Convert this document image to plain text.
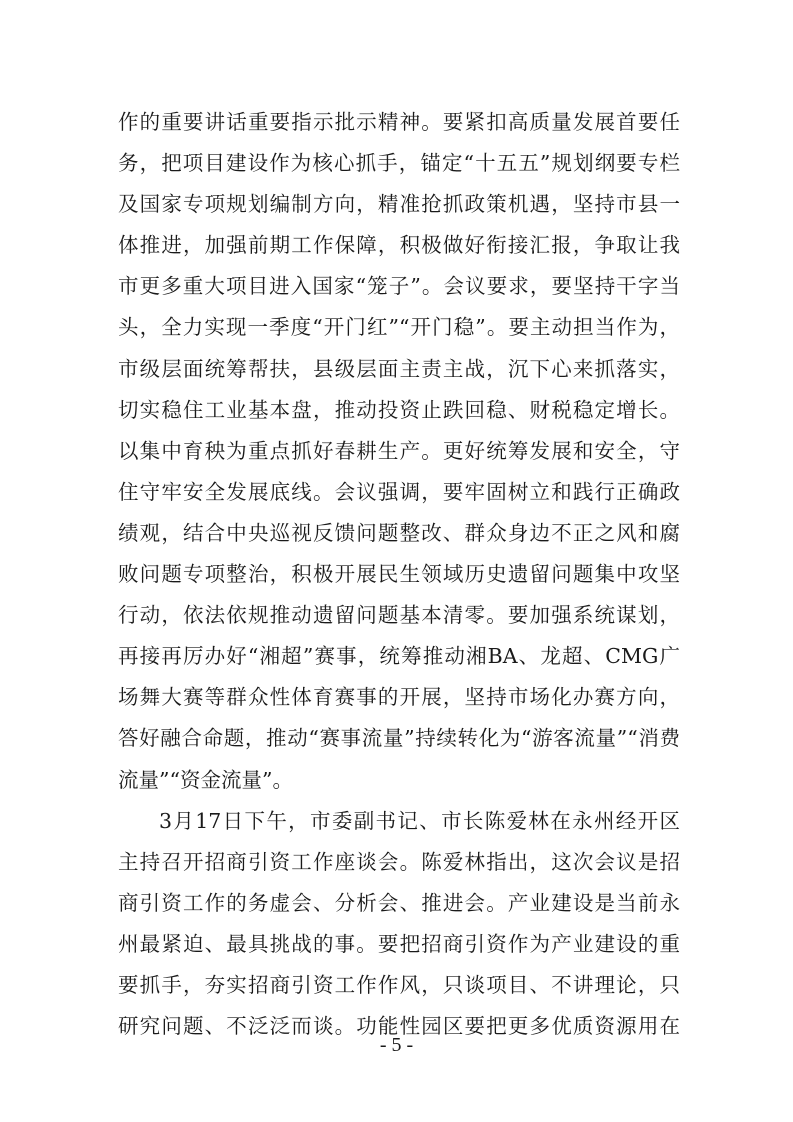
作的重要讲话重要指示批示精神。要紧扣高质量发展首要任
务，把项目建设作为核心抓手，锚定“十五五”规划纲要专栏
及国家专项规划编制方向，精准抢抓政策机遇，坚持市县一
体推进，加强前期工作保障，积极做好衔接汇报，争取让我
市更多重大项目进入国家“笼子”。会议要求，要坚持干字当
头，全力实现一季度“开门红”“开门稳”。要主动担当作为，
市级层面统筹帮扶，县级层面主责主战，沉下心来抓落实，
切实稳住工业基本盘，推动投资止跌回稳、财税稳定增长。
以集中育秧为重点抓好春耕生产。更好统筹发展和安全，守
住守牢安全发展底线。会议强调，要牢固树立和践行正确政
绩观，结合中央巡视反馈问题整改、群众身边不正之风和腐
败问题专项整治，积极开展民生领域历史遗留问题集中攻坚
行动，依法依规推动遗留问题基本清零。要加强系统谋划，
再接再厉办好“湘超”赛事，统筹推动湘BA、龙超、CMG广
场舞大赛等群众性体育赛事的开展，坚持市场化办赛方向，
答好融合命题，推动“赛事流量”持续转化为“游客流量”“消费
流量”“资金流量”。
3月17日下午，市委副书记、市长陈爱林在永州经开区
主持召开招商引资工作座谈会。陈爱林指出，这次会议是招
商引资工作的务虚会、分析会、推进会。产业建设是当前永
州最紧迫、最具挑战的事。要把招商引资作为产业建设的重
要抓手，夯实招商引资工作作风，只谈项目、不讲理论，只
研究问题、不泛泛而谈。功能性园区要把更多优质资源用在
- 5 -
